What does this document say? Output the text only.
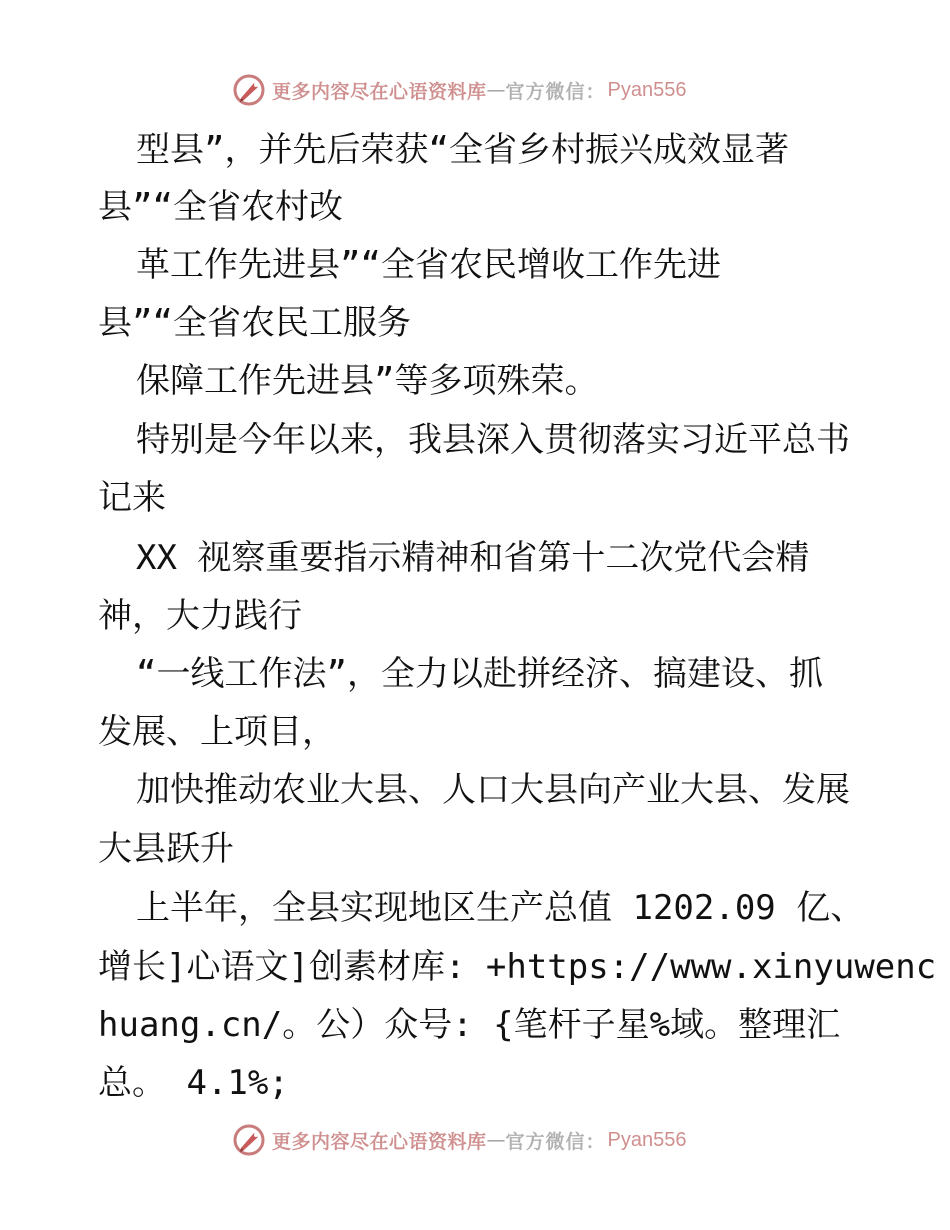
更多内容尽在心语资料库 — 官方微信： Pyan556
型县”，并先后荣获“全省乡村振兴成效显著
县”“全省农村改
革工作先进县”“全省农民增收工作先进
县”“全省农民工服务
保障工作先进县”等多项殊荣。
特别是今年以来，我县深入贯彻落实习近平总书
记来
XX 视察重要指示精神和省第十二次党代会精
神，大力践行
“一线工作法”，全力以赴拼经济、搞建设、抓
发展、上项目，
加快推动农业大县、人口大县向产业大县、发展
大县跃升
上半年，全县实现地区生产总值 1202.09 亿、
增长]心语文]创素材库: +https://www.xinyuwenc
huang.cn/。公）众号: {笔杆子星%域。整理汇
总。 4.1%;
更多内容尽在心语资料库 — 官方微信： Pyan556
